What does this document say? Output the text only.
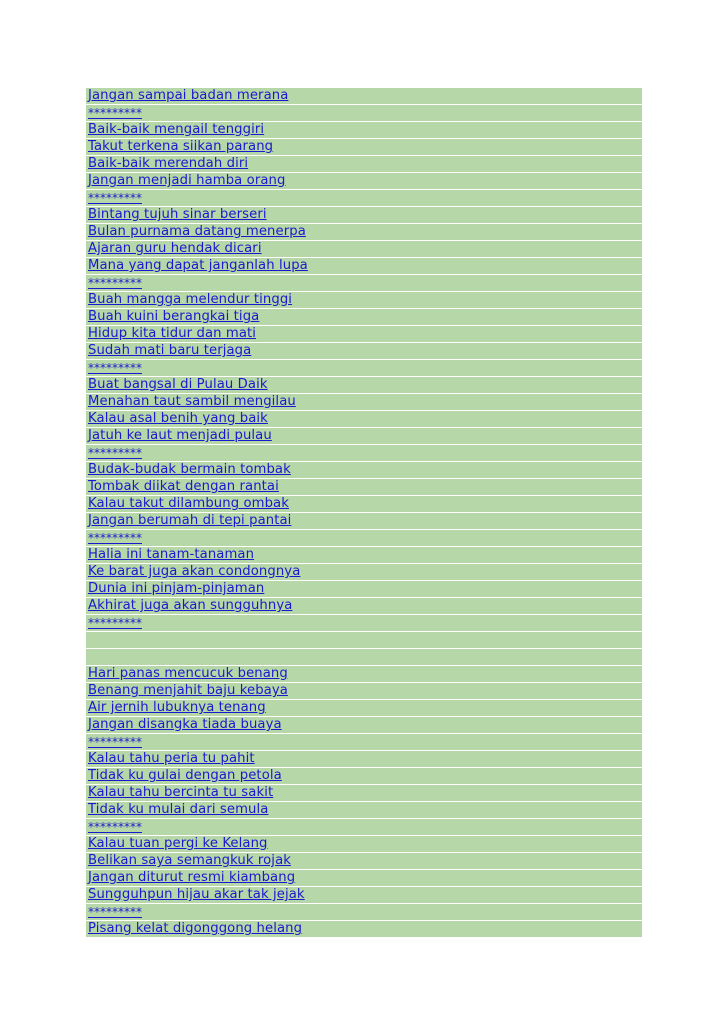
Jangan sampai badan merana
*********
Baik-baik mengail tenggiri
Takut terkena siikan parang
Baik-baik merendah diri
Jangan menjadi hamba orang
*********
Bintang tujuh sinar berseri
Bulan purnama datang menerpa
Ajaran guru hendak dicari
Mana yang dapat janganlah lupa
*********
Buah mangga melendur tinggi
Buah kuini berangkai tiga
Hidup kita tidur dan mati
Sudah mati baru terjaga
*********
Buat bangsal di Pulau Daik
Menahan taut sambil mengilau
Kalau asal benih yang baik
Jatuh ke laut menjadi pulau
*********
Budak-budak bermain tombak
Tombak diikat dengan rantai
Kalau takut dilambung ombak
Jangan berumah di tepi pantai
*********
Halia ini tanam-tanaman
Ke barat juga akan condongnya
Dunia ini pinjam-pinjaman
Akhirat juga akan sungguhnya
*********
Hari panas mencucuk benang
Benang menjahit baju kebaya
Air jernih lubuknya tenang
Jangan disangka tiada buaya
*********
Kalau tahu peria tu pahit
Tidak ku gulai dengan petola
Kalau tahu bercinta tu sakit
Tidak ku mulai dari semula
*********
Kalau tuan pergi ke Kelang
Belikan saya semangkuk rojak
Jangan diturut resmi kiambang
Sungguhpun hijau akar tak jejak
*********
Pisang kelat digonggong helang
